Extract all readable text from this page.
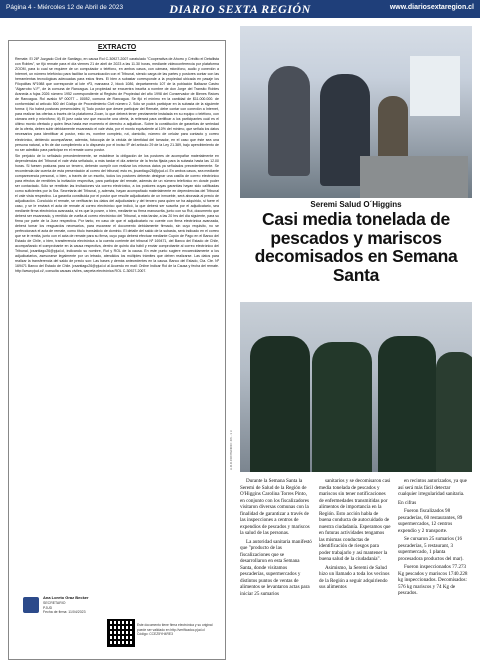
Página 4 - Miércoles 12 de Abril de 2023	DIARIO SEXTA REGIÓN	www.diariosextaregion.cl
EXTRACTO

Remate. El 26º Juzgado Civil de Santiago, en causa Rol C-30927-2007 caratulado "Cooperativa de Ahorro y Crédito el Detallista con Robles", se fijó remate para el día viernes 21 de abril de 2023 a las 11.30 horas, mediante videoconferencia por plataforma ZOOM, para lo cual se requiere de un computador o teléfono, en ambos casos, con cámara, micrófono, audio y conexión a Internet, un número telefónico para facilitar la comunicación con el Tribunal, siendo carga de las partes y postores contar con las herramientas tecnológicas adecuadas para estos fines. El bien a subastar corresponde a la propiedad ubicada en pasaje los Filopolitas Nº1988 que corresponde al lote nº3, manzana 2, block 1086, departamento 107 de la población Baltazar Castro "Algarrobo V-F", de la comuna de Rancagua. La propiedad se encuentra inscrita a nombre de don Jorge del Transito Robles Araneda a fojas 2026 número 1952 correspondiente al Registro de Propiedad del año 1998 del Conservador de Bienes Raíces de Rancagua. Rol avalúo Nº 00077 – 00052, comuna de Rancagua. Se fijó el mínimo en la cantidad de $11.000.000. de conformidad al artículo 500 del Código de Procedimiento Civil número 2. Sólo se podrá participar en la subasta de la siguiente forma: i) No habrá posturas presenciales; ii) Todo postor que desee participar del Remate, debe contar con conexión a Internet, para realizar las ofertas a través de la plataforma Zoom, lo que deberá tener previamente instalada en su equipo o teléfono, con cámara web y micrófono; iii) El juez cada vez que escuche una oferta, la reiterará para certificar a los participantes cuál es el último monto ofertado y quien lleva hasta ese momento el derecho a adjudicar.- Sobre la constitución de garantías de seriedad de la oferta, deben subir debidamente escaneado el vale vista, por el monto equivalente al 10% del mínimo, que señala los datos necesarios para identificar al postor, esto es, nombre completo, rut, domicilio, número de celular para contacto y correo electrónico, debiendo acompañarse, además, fotocopia de la cédula de identidad del tomador, en el caso que éste sea una persona natural, a fin de dar cumplimiento a lo dispuesto por el inciso 5º del artículo 29 de la Ley 21.389, bajo apercibimiento de no ser admitido para participar en el remate como postor.

Sin perjuicio de lo señalado precedentemente, se establece la obligación de los postores de acompañar materialmente en dependencias del Tribunal el vale vista señalado, a más tardar el día anterior de la fecha fijada para la subasta hasta las 12.00 horas. Si fuesen posturas para un tercero, deberán cumplir con realizar los mismos datos ya señalados precedentemente. Se recomienda dar cuenta de esta presentación al correo del tribunal; esto es, jcsantiago26@pjud.cl. En ambos casos, sea mediante comparecencia personal, o bien, a través de un escrito, todos los postores deberán designar una casilla de correo electrónico para efectos de remitirles la invitación respectiva, para participar del remate, además de un número telefónico en donde poder ser contactado. Sólo se remitirán las invitaciones vía correo electrónico, a los postores cuyas garantías hayan sido calificadas como suficientes por la Sra. Secretaria del Tribunal, y, además, hayan acompañado materialmente en dependencias del Tribunal el vale vista respectivo. La garantía constituida por el postor que resulte adjudicatario de un inmueble, será abonada al precio de adjudicación. Concluido el remate, se verificarán los datos del adjudicatario y del tercero para quien se ha adquirido, si fuere el caso, y se le enviará el acta de remate al correo electrónico que indicó, la que deberá ser suscrita por el adjudicatario, sea mediante firma electrónica avanzada, si es que la posee, o bien, mediante su firma manuscrita, junto con su Rut, documento que deberá ser escaneado, y remitido de vuelta al correo electrónico del Tribunal, a más tardar, a las 20 hrs del día siguiente, para su firma por parte de la Juez respectiva. Por tanto, en caso de que el adjudicatario no cuente con firma electrónica avanzada, deberá tomar los resguardos necesarios, para escanear el documento debidamente firmado, sin cuyo requisito, no se perfeccionará el acta de remate, como título translaticio de dominio. El detalle del saldo de la subasta, será indicado en el correo que se le remita, junto con el acta de remate para su firma, cuyo pago deberá efectuar mediante Cupón de Pago en el Banco del Estado de Chile, o bien, transferencia electrónica a la cuenta corriente del tribunal Nº 169471, del Banco del Estado de Chile, acompañando el comprobante en la causa respectiva, dentro de quinto día hábil y enviar comprobante al correo electrónico del Tribunal, jcsantiago26@pjud.cl, indicando su nombre, Rut y ROL de la causa. En este punto sugiere encarecidamente a los adjudicatarios, asesorarse legalmente por un letrado, atendidos los múltiples trámites que deben realizarse. Las datos para realizar la transferencia del saldo de precio son: Las bases y demás antecedentes en la causa. Banco del Estado, Cta. Cte. Nº 169471 Banco del Estado de Chile. jcsantiago26@pjud.cl al Acuerdo en mail: Online Indicar Rol de la Causa y fecha del remate. http://www.pjud.cl/, consulta causas civiles, carpeta electrónica ROL C-30927-2007.

Ana Loreto Graz Becker
SECRETARIO
PJUD
Fecha de firma: 11/04/2023
Este documento tiene firma electrónica y su original puede ser validado en http://verificadoc.pjud.cl
Código: CCEZ5YH4RE3
A.R.D.CONTENIDO: 4/6 - 1 3
Seremi Salud O´Higgins
Casi media tonelada de pescados y mariscos decomisados en Semana Santa

Durante la Semana Santa la Seremi de Salud de la Región de O'Higgins Carolina Torres Pinto, en conjunto con los fiscalizadores visitaron diversas comunas con la finalidad de garantizar a través de las inspecciones a centros de expendios de pescados y mariscos la salud de las personas.

La autoridad sanitaria manifestó que "producto de las fiscalizaciones que se desarrollaron en esta Semana Santa, donde visitamos pescaderías, supermercados y distintos puntos de ventas de alimentos se levantaron actas para iniciar 25 sumarios

sanitarios y se decomisaron casi media tonelada de pescados y mariscos sin tener notificaciones de enfermedades transmitidas por alimentos de importancia en la Región. Esto acción habla de buena conducta de autocuidado de nuestra ciudadanía. Esperamos que en futuras actividades tengamos las mismas conductas de identificación de riesgos para poder trabajarlo y así mantener la buena salud de la ciudadanía".

Asimismo, la Seremi de Salud hizo un llamado a toda los vecinos de la Región a seguir adquiriendo sus alimentos

en recintos autorizados, ya que así será más fácil detectar cualquier irregularidad sanitaria.

En cifras

Fueron fiscalizados 98 pescaderías, 60 restaurantes, 89 supermercados, 12 centros expendio y 2 transporte.

Se cursaron 25 sumarios (16 pescaderías, 5 restaurant, 3 supermercado, 1 planta procesadora productos del mar).

Fueron inspeccionados 77.273 Kg pescados y mariscos 1740.228 kg inspeccionados. Decomisados: 576 kg mariscos y 74 Kg de pescados.
